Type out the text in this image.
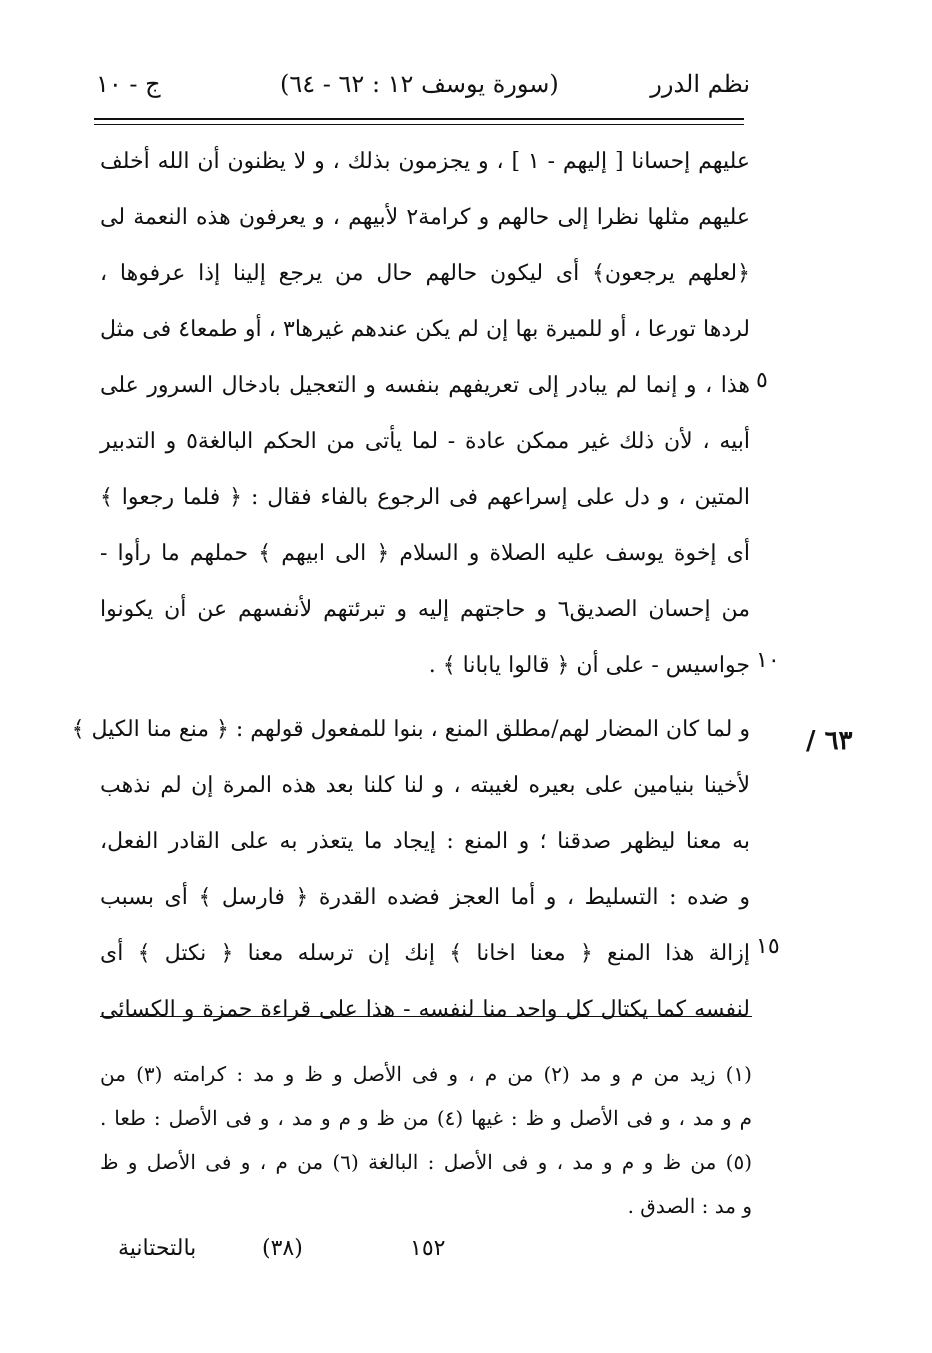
نظم الدرر
(سورة يوسف ١٢ : ٦٢ - ٦٤)
ج - ١٠
عليهم إحسانا [ إليهم - ١ ] ، و يجزمون بذلك ، و لا يظنون أن الله أخلف
عليهم مثلها نظرا إلى حالهم و كرامة٢ لأبيهم ، و يعرفون هذه النعمة لى
﴿لعلهم يرجعون﴾ أى ليكون حالهم حال من يرجع إلينا إذا عرفوها ،
لردها تورعا ، أو للميرة بها إن لم يكن عندهم غيرها٣ ، أو طمعا٤ فى مثل
هذا ، و إنما لم يبادر إلى تعريفهم بنفسه و التعجيل بادخال السرور على
أبيه ، لأن ذلك غير ممكن عادة - لما يأتى من الحكم البالغة٥ و التدبير
المتين ، و دل على إسراعهم فى الرجوع بالفاء فقال : ﴿ فلما رجعوا ﴾
أى إخوة يوسف عليه الصلاة و السلام ﴿ الى ابيهم ﴾ حملهم ما رأوا -
من إحسان الصديق٦ و حاجتهم إليه و تبرئتهم لأنفسهم عن أن يكونوا
جواسيس - على أن ﴿ قالوا يابانا ﴾ .
و لما كان المضار لهم/مطلق المنع ، بنوا للمفعول قولهم : ﴿ منع منا الكيل ﴾
لأخينا بنيامين على بعيره لغيبته ، و لنا كلنا بعد هذه المرة إن لم نذهب
به معنا ليظهر صدقنا ؛ و المنع : إيجاد ما يتعذر به على القادر الفعل،
و ضده : التسليط ، و أما العجز فضده القدرة ﴿ فارسل ﴾ أى بسبب
إزالة هذا المنع ﴿ معنا اخانا ﴾ إنك إن ترسله معنا ﴿ نكتل ﴾ أى
لنفسه كما يكتال كل واحد منا لنفسه - هذا على قراءة حمزة و الكسائى
٥
١٠
١٥
٦٣ /
(١) زيد من م و مد (٢) من م ، و فى الأصل و ظ و مد : كرامته (٣) من
م و مد ، و فى الأصل و ظ : غيها (٤) من ظ و م و مد ، و فى الأصل : طعا .
(٥) من ظ و م و مد ، و فى الأصل : البالغة (٦) من م ، و فى الأصل و ظ
و مد : الصدق .
١٥٢
(٣٨)
بالتحتانية
